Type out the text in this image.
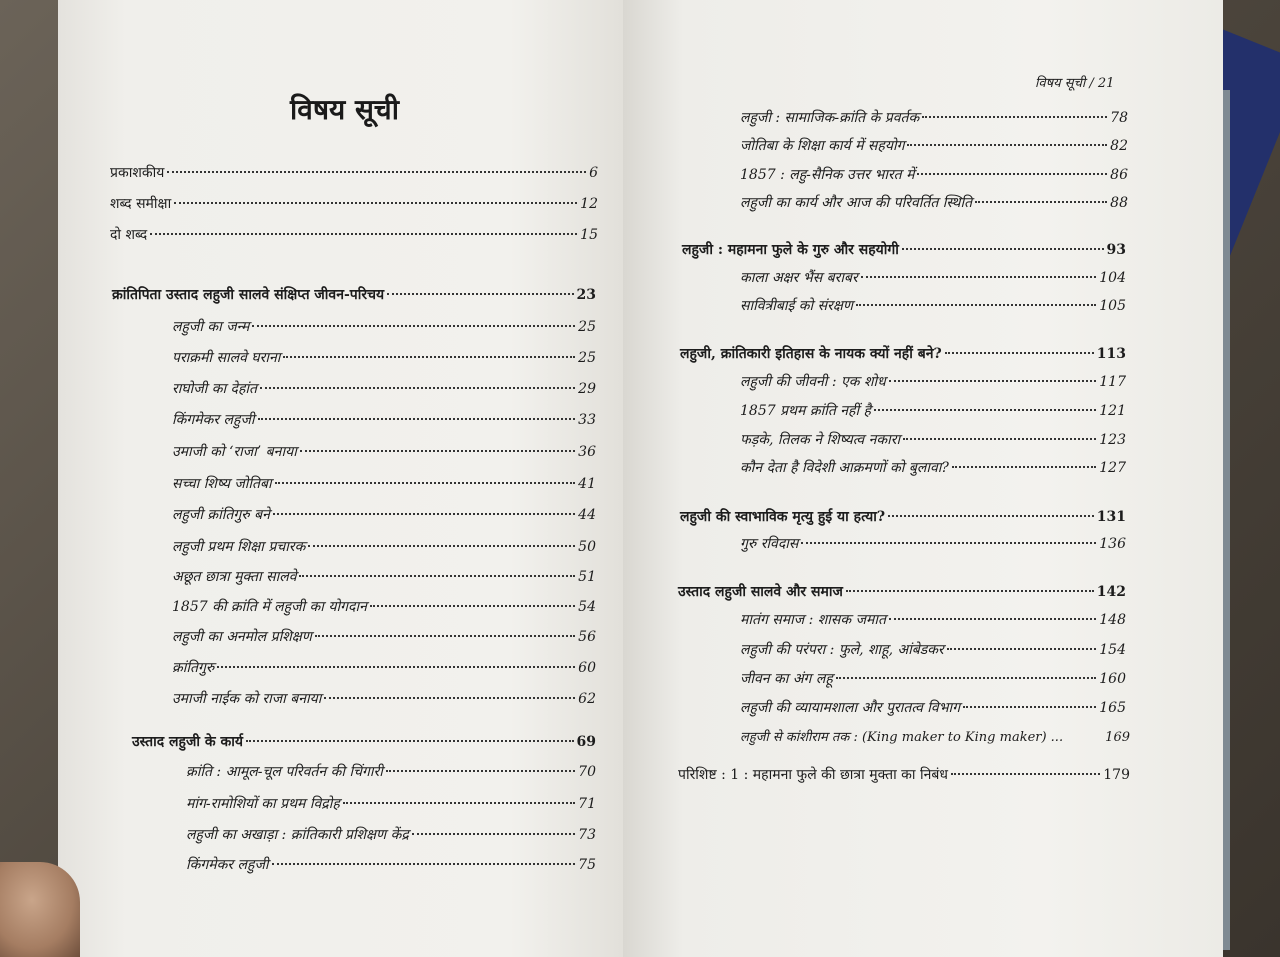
विषय सूची
विषय सूची / 21
प्रकाशकीय	6
शब्द समीक्षा	12
दो शब्द	15
क्रांतिपिता उस्ताद लहुजी सालवे संक्षिप्त जीवन-परिचय	23
लहुजी का जन्म	25
पराक्रमी सालवे घराना	25
राघोजी का देहांत	29
किंगमेकर लहुजी	33
उमाजी को ‘राजा’ बनाया	36
सच्चा शिष्य जोतिबा	41
लहुजी क्रांतिगुरु बने	44
लहुजी प्रथम शिक्षा प्रचारक	50
अछूत छात्रा मुक्ता सालवे	51
1857 की क्रांति में लहुजी का योगदान	54
लहुजी का अनमोल प्रशिक्षण	56
क्रांतिगुरु	60
उमाजी नाईक को राजा बनाया	62
उस्ताद लहुजी के कार्य	69
क्रांति : आमूल-चूल परिवर्तन की चिंगारी	70
मांग-रामोशियों का प्रथम विद्रोह	71
लहुजी का अखाड़ा : क्रांतिकारी प्रशिक्षण केंद्र	73
किंगमेकर लहुजी	75
लहुजी : सामाजिक-क्रांति के प्रवर्तक	78
जोतिबा के शिक्षा कार्य में सहयोग	82
1857 : लहु-सैनिक उत्तर भारत में	86
लहुजी का कार्य और आज की परिवर्तित स्थिति	88
लहुजी : महामना फुले के गुरु और सहयोगी	93
काला अक्षर भैंस बराबर	104
सावित्रीबाई को संरक्षण	105
लहुजी, क्रांतिकारी इतिहास के नायक क्यों नहीं बने?	113
लहुजी की जीवनी : एक शोध	117
1857 प्रथम क्रांति नहीं है	121
फड़के, तिलक ने शिष्यत्व नकारा	123
कौन देता है विदेशी आक्रमणों को बुलावा?	127
लहुजी की स्वाभाविक मृत्यु हुई या हत्या?	131
गुरु रविदास	136
उस्ताद लहुजी सालवे और समाज	142
मातंग समाज : शासक जमात	148
लहुजी की परंपरा : फुले, शाहू, आंबेडकर	154
जीवन का अंग लहू	160
लहुजी की व्यायामशाला और पुरातत्व विभाग	165
लहुजी से कांशीराम तक : (King maker to King maker) ...	169
परिशिष्ट : 1 : महामना फुले की छात्रा मुक्ता का निबंध	179
